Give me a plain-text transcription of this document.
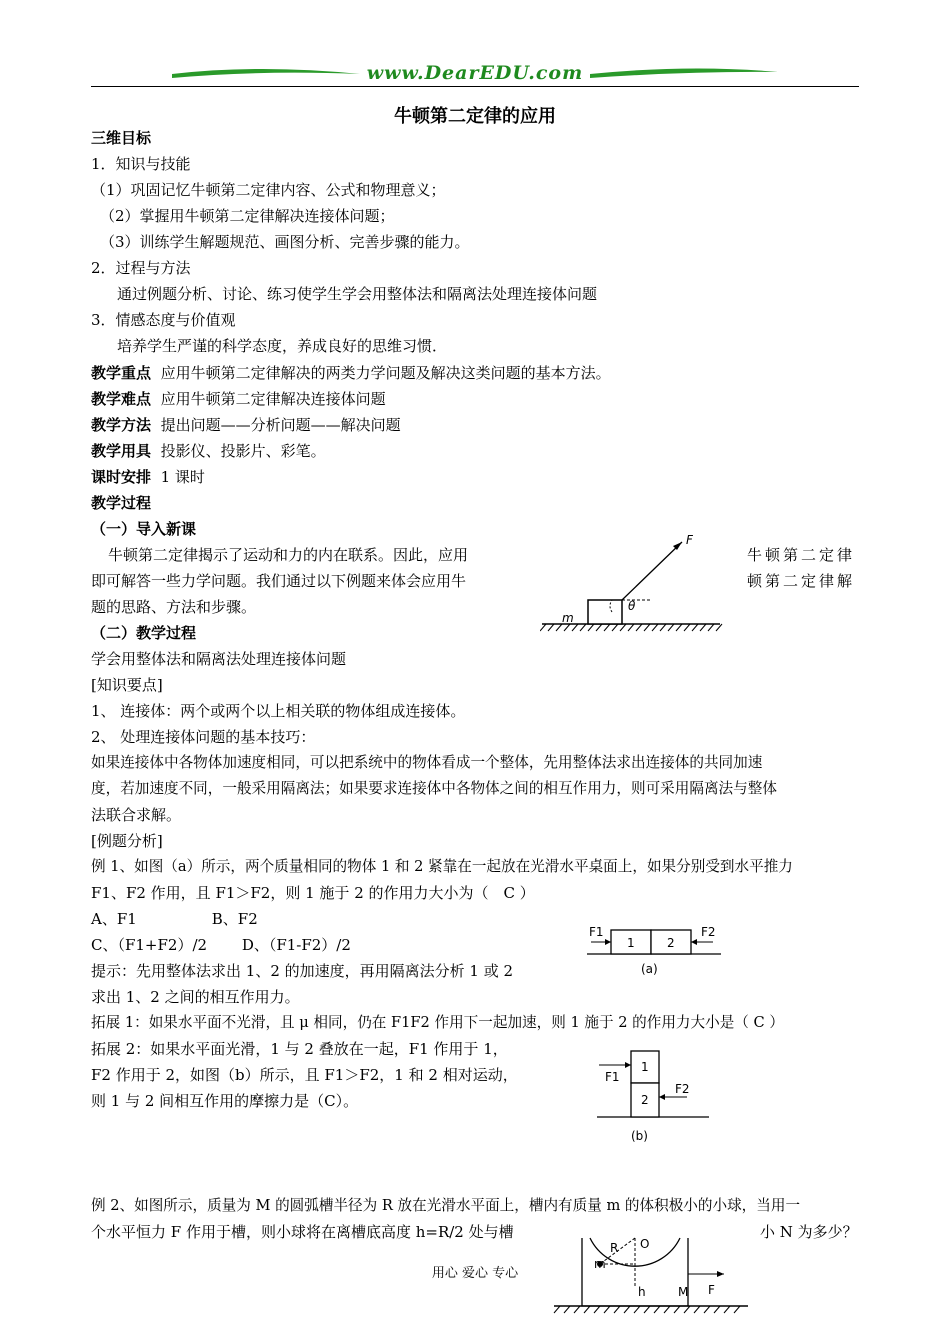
www.DearEDU.com
牛顿第二定律的应用
三维目标
1．知识与技能
（1）巩固记忆牛顿第二定律内容、公式和物理意义；
（2）掌握用牛顿第二定律解决连接体问题；
（3）训练学生解题规范、画图分析、完善步骤的能力。
2．过程与方法
通过例题分析、讨论、练习使学生学会用整体法和隔离法处理连接体问题
3．情感态度与价值观
培养学生严谨的科学态度，养成良好的思维习惯．
教学重点 应用牛顿第二定律解决的两类力学问题及解决这类问题的基本方法。
教学难点 应用牛顿第二定律解决连接体问题
教学方法 提出问题——分析问题——解决问题
教学用具 投影仪、投影片、彩笔。
课时安排 1 课时
教学过程
（一）导入新课
牛顿第二定律揭示了运动和力的内在联系。因此，应用	牛顿第二定律
即可解答一些力学问题。我们通过以下例题来体会应用牛	顿第二定律解
题的思路、方法和步骤。
F
m
θ
（二）教学过程
学会用整体法和隔离法处理连接体问题
[知识要点]
1、 连接体：两个或两个以上相关联的物体组成连接体。
2、 处理连接体问题的基本技巧：
如果连接体中各物体加速度相同，可以把系统中的物体看成一个整体，先用整体法求出连接体的共同加速
度，若加速度不同，一般采用隔离法；如果要求连接体中各物体之间的相互作用力，则可采用隔离法与整体
法联合求解。
[例题分析]
例 1、如图（a）所示，两个质量相同的物体 1 和 2 紧靠在一起放在光滑水平桌面上，如果分别受到水平推力
F1、F2 作用，且 F1＞F2，则 1 施于 2 的作用力大小为（　C ）
A、F1　　　　　B、F2
C、（F1+F2）/2　　 D、（F1-F2）/2
提示：先用整体法求出 1、2 的加速度，再用隔离法分析 1 或 2
求出 1、2 之间的相互作用力。
F1	F2
1	2
(a)
拓展 1：如果水平面不光滑，且 μ 相同，仍在 F1F2 作用下一起加速，则 1 施于 2 的作用力大小是（ C ）
拓展 2：如果水平面光滑，1 与 2 叠放在一起，F1 作用于 1，
F2 作用于 2，如图（b）所示，且 F1＞F2，1 和 2 相对运动，
则 1 与 2 间相互作用的摩擦力是（C）。
F1
F2
1
2
(b)
例 2、如图所示，质量为 M 的圆弧槽半径为 R 放在光滑水平面上，槽内有质量 m 的体积极小的小球，当用一
个水平恒力 F 作用于槽，则小球将在离槽底高度 h=R/2 处与槽	小 N 为多少？
R O
m
h	M F
用心 爱心 专心
